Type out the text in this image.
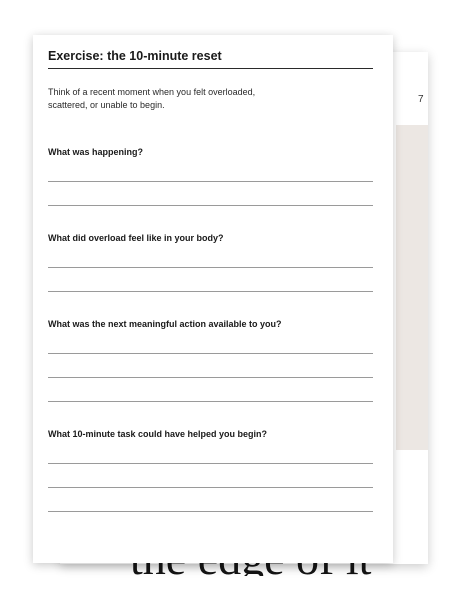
7
Exercise: the 10-minute reset
Think of a recent moment when you felt overloaded,
scattered, or unable to begin.
What was happening?
What did overload feel like in your body?
What was the next meaningful action available to you?
What 10-minute task could have helped you begin?
